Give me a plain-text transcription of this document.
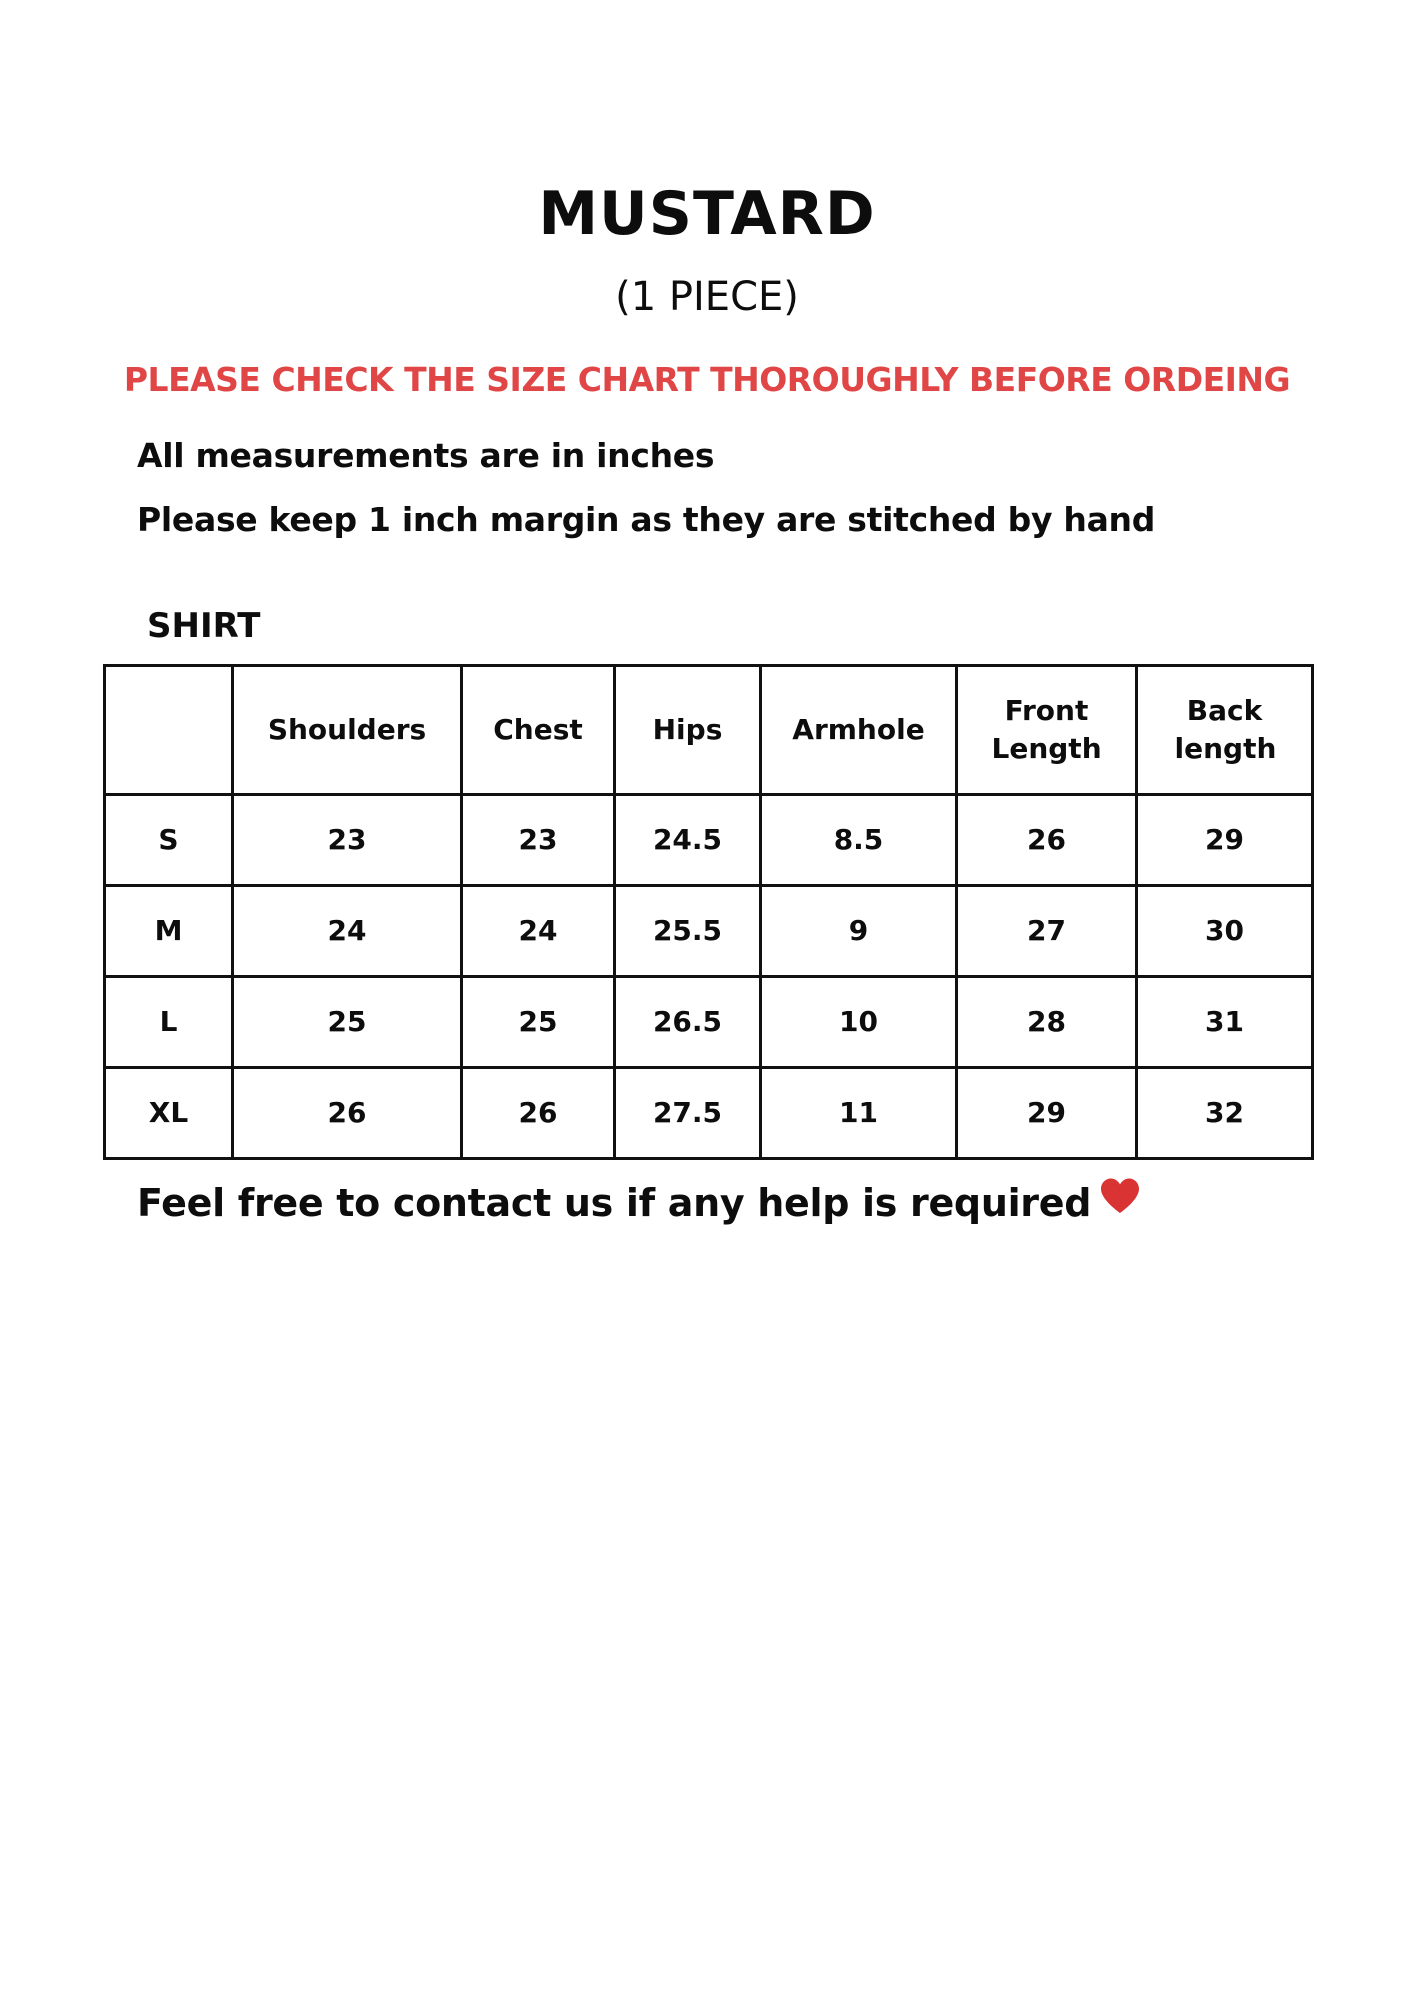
MUSTARD
(1 PIECE)
PLEASE CHECK THE SIZE CHART THOROUGHLY BEFORE ORDEING
All measurements are in inches
Please keep 1 inch margin as they are stitched by hand
SHIRT
	Shoulders	Chest	Hips	Armhole	Front Length	Back length
S	23	23	24.5	8.5	26	29
M	24	24	25.5	9	27	30
L	25	25	26.5	10	28	31
XL	26	26	27.5	11	29	32
Feel free to contact us if any help is required
